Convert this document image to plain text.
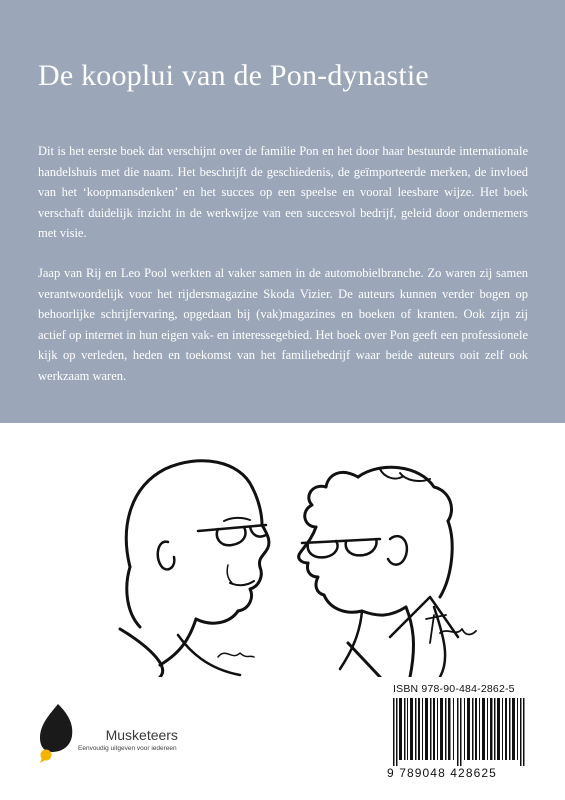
De kooplui van de Pon-dynastie

Dit is het eerste boek dat verschijnt over de familie Pon en het door haar bestuurde internationale handelshuis met die naam. Het beschrijft de geschiedenis, de geïmporteerde merken, de invloed van het ‘koopmansdenken’ en het succes op een speelse en vooral leesbare wijze. Het boek verschaft duidelijk inzicht in de werkwijze van een succesvol bedrijf, geleid door ondernemers met visie.

Jaap van Rij en Leo Pool werkten al vaker samen in de automobielbranche. Zo waren zij samen verantwoordelijk voor het rijdersmagazine Skoda Vizier. De auteurs kunnen verder bogen op behoorlijke schrijfervaring, opgedaan bij (vak)magazines en boeken of kranten. Ook zijn zij actief op internet in hun eigen vak- en interessegebied. Het boek over Pon geeft een professionele kijk op verleden, heden en toekomst van het familiebedrijf waar beide auteurs ooit zelf ook werkzaam waren.

FreeMusketeers
Eenvoudig uitgeven voor iedereen
ISBN 978-90-484-2862-5
9 789048 428625
